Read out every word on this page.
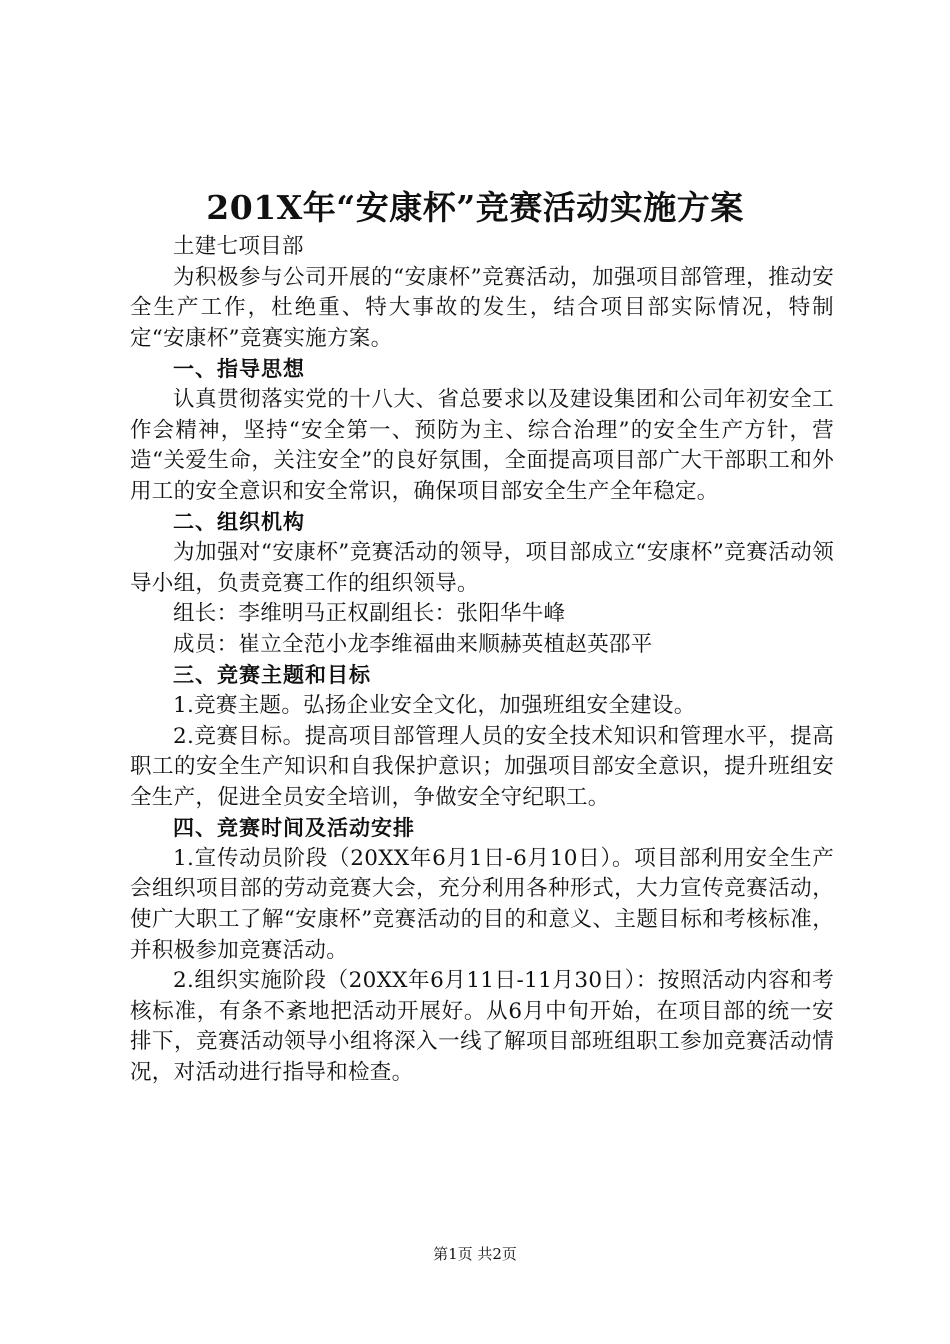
201X年“安康杯”竞赛活动实施方案

土建七项目部

为积极参与公司开展的“安康杯”竞赛活动，加强项目部管理，推动安全生产工作，杜绝重、特大事故的发生，结合项目部实际情况，特制定“安康杯”竞赛实施方案。

一、指导思想

认真贯彻落实党的十八大、省总要求以及建设集团和公司年初安全工作会精神，坚持“安全第一、预防为主、综合治理”的安全生产方针，营造“关爱生命，关注安全”的良好氛围，全面提高项目部广大干部职工和外用工的安全意识和安全常识，确保项目部安全生产全年稳定。

二、组织机构

为加强对“安康杯”竞赛活动的领导，项目部成立“安康杯”竞赛活动领导小组，负责竞赛工作的组织领导。

组长：李维明马正权副组长：张阳华牛峰

成员：崔立全范小龙李维福曲来顺赫英植赵英邵平

三、竞赛主题和目标

1.竞赛主题。弘扬企业安全文化，加强班组安全建设。

2.竞赛目标。提高项目部管理人员的安全技术知识和管理水平，提高职工的安全生产知识和自我保护意识；加强项目部安全意识，提升班组安全生产，促进全员安全培训，争做安全守纪职工。

四、竞赛时间及活动安排

1.宣传动员阶段（20XX年6月1日-6月10日）。项目部利用安全生产会组织项目部的劳动竞赛大会，充分利用各种形式，大力宣传竞赛活动，使广大职工了解“安康杯”竞赛活动的目的和意义、主题目标和考核标准，并积极参加竞赛活动。

2.组织实施阶段（20XX年6月11日-11月30日）：按照活动内容和考核标准，有条不紊地把活动开展好。从6月中旬开始，在项目部的统一安排下，竞赛活动领导小组将深入一线了解项目部班组职工参加竞赛活动情况，对活动进行指导和检查。

第1页 共2页
